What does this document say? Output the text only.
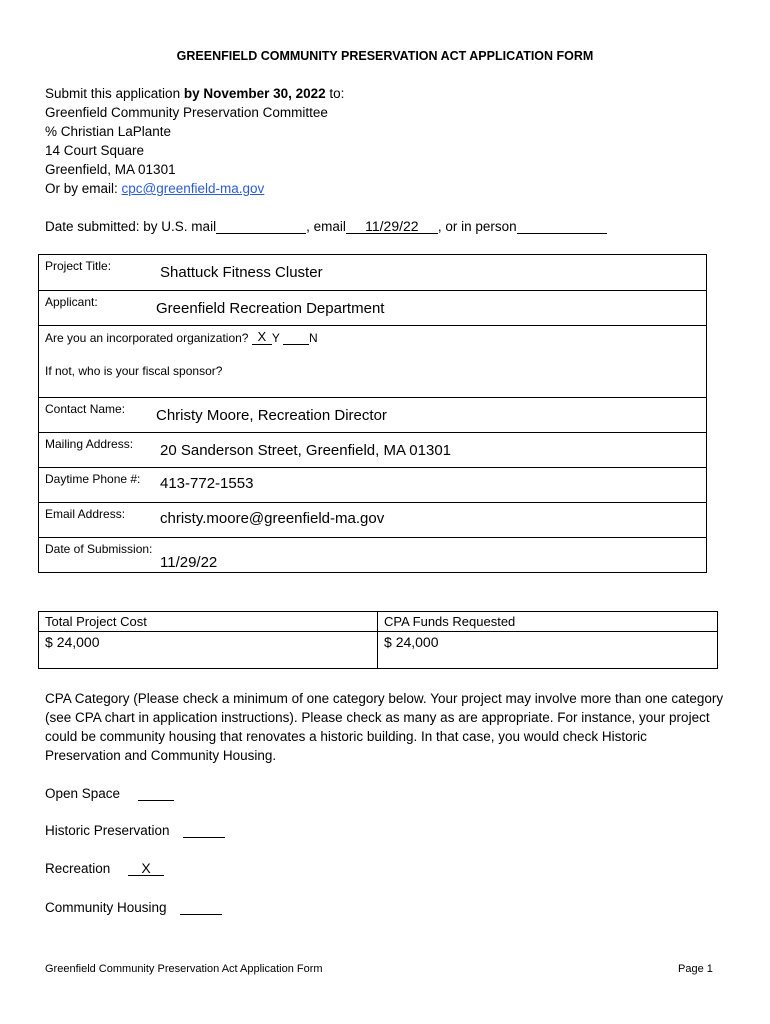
GREENFIELD COMMUNITY PRESERVATION ACT APPLICATION FORM
Submit this application by November 30, 2022 to:
Greenfield Community Preservation Committee
% Christian LaPlante
14 Court Square
Greenfield, MA 01301
Or by email: cpc@greenfield-ma.gov
Date submitted: by U.S. mail	, email 11/29/22 , or in person
Project Title:	Shattuck Fitness Cluster

Applicant:	Greenfield Recreation Department

Are you an incorporated organization? X Y N
If not, who is your fiscal sponsor?

Contact Name: Christy Moore, Recreation Director

Mailing Address: 20 Sanderson Street, Greenfield, MA 01301

Daytime Phone #: 413-772-1553

Email Address: christy.moore@greenfield-ma.gov

Date of Submission:
11/29/22
Total Project Cost	CPA Funds Requested

$ 24,000	$ 24,000
CPA Category (Please check a minimum of one category below. Your project may involve more than one category (see CPA chart in application instructions). Please check as many as are appropriate. For instance, your project could be community housing that renovates a historic building. In that case, you would check Historic Preservation and Community Housing.
Open Space
Historic Preservation
Recreation X
Community Housing
Greenfield Community Preservation Act Application Form	Page 1
